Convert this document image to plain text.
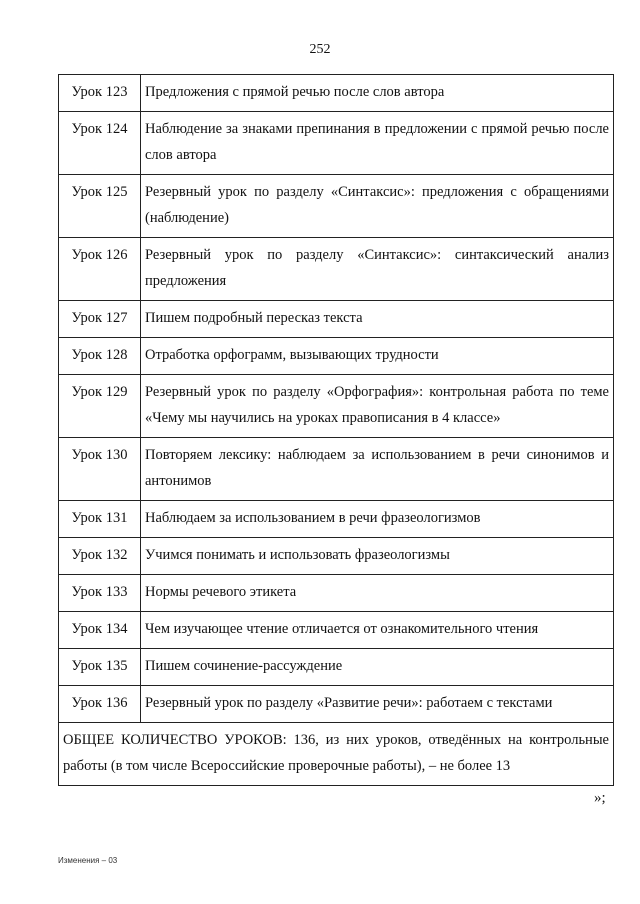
252
Урок 123	Предложения с прямой речью после слов автора
Урок 124	Наблюдение за знаками препинания в предложении с прямой речью после слов автора
Урок 125	Резервный урок по разделу «Синтаксис»: предложения с обращениями (наблюдение)
Урок 126	Резервный урок по разделу «Синтаксис»: синтаксический анализ предложения
Урок 127	Пишем подробный пересказ текста
Урок 128	Отработка орфограмм, вызывающих трудности
Урок 129	Резервный урок по разделу «Орфография»: контрольная работа по теме «Чему мы научились на уроках правописания в 4 классе»
Урок 130	Повторяем лексику: наблюдаем за использованием в речи синонимов и антонимов
Урок 131	Наблюдаем за использованием в речи фразеологизмов
Урок 132	Учимся понимать и использовать фразеологизмы
Урок 133	Нормы речевого этикета
Урок 134	Чем изучающее чтение отличается от ознакомительного чтения
Урок 135	Пишем сочинение-рассуждение
Урок 136	Резервный урок по разделу «Развитие речи»: работаем с текстами
ОБЩЕЕ КОЛИЧЕСТВО УРОКОВ: 136, из них уроков, отведённых на контрольные работы (в том числе Всероссийские проверочные работы), – не более 13	
»;
Изменения – 03
